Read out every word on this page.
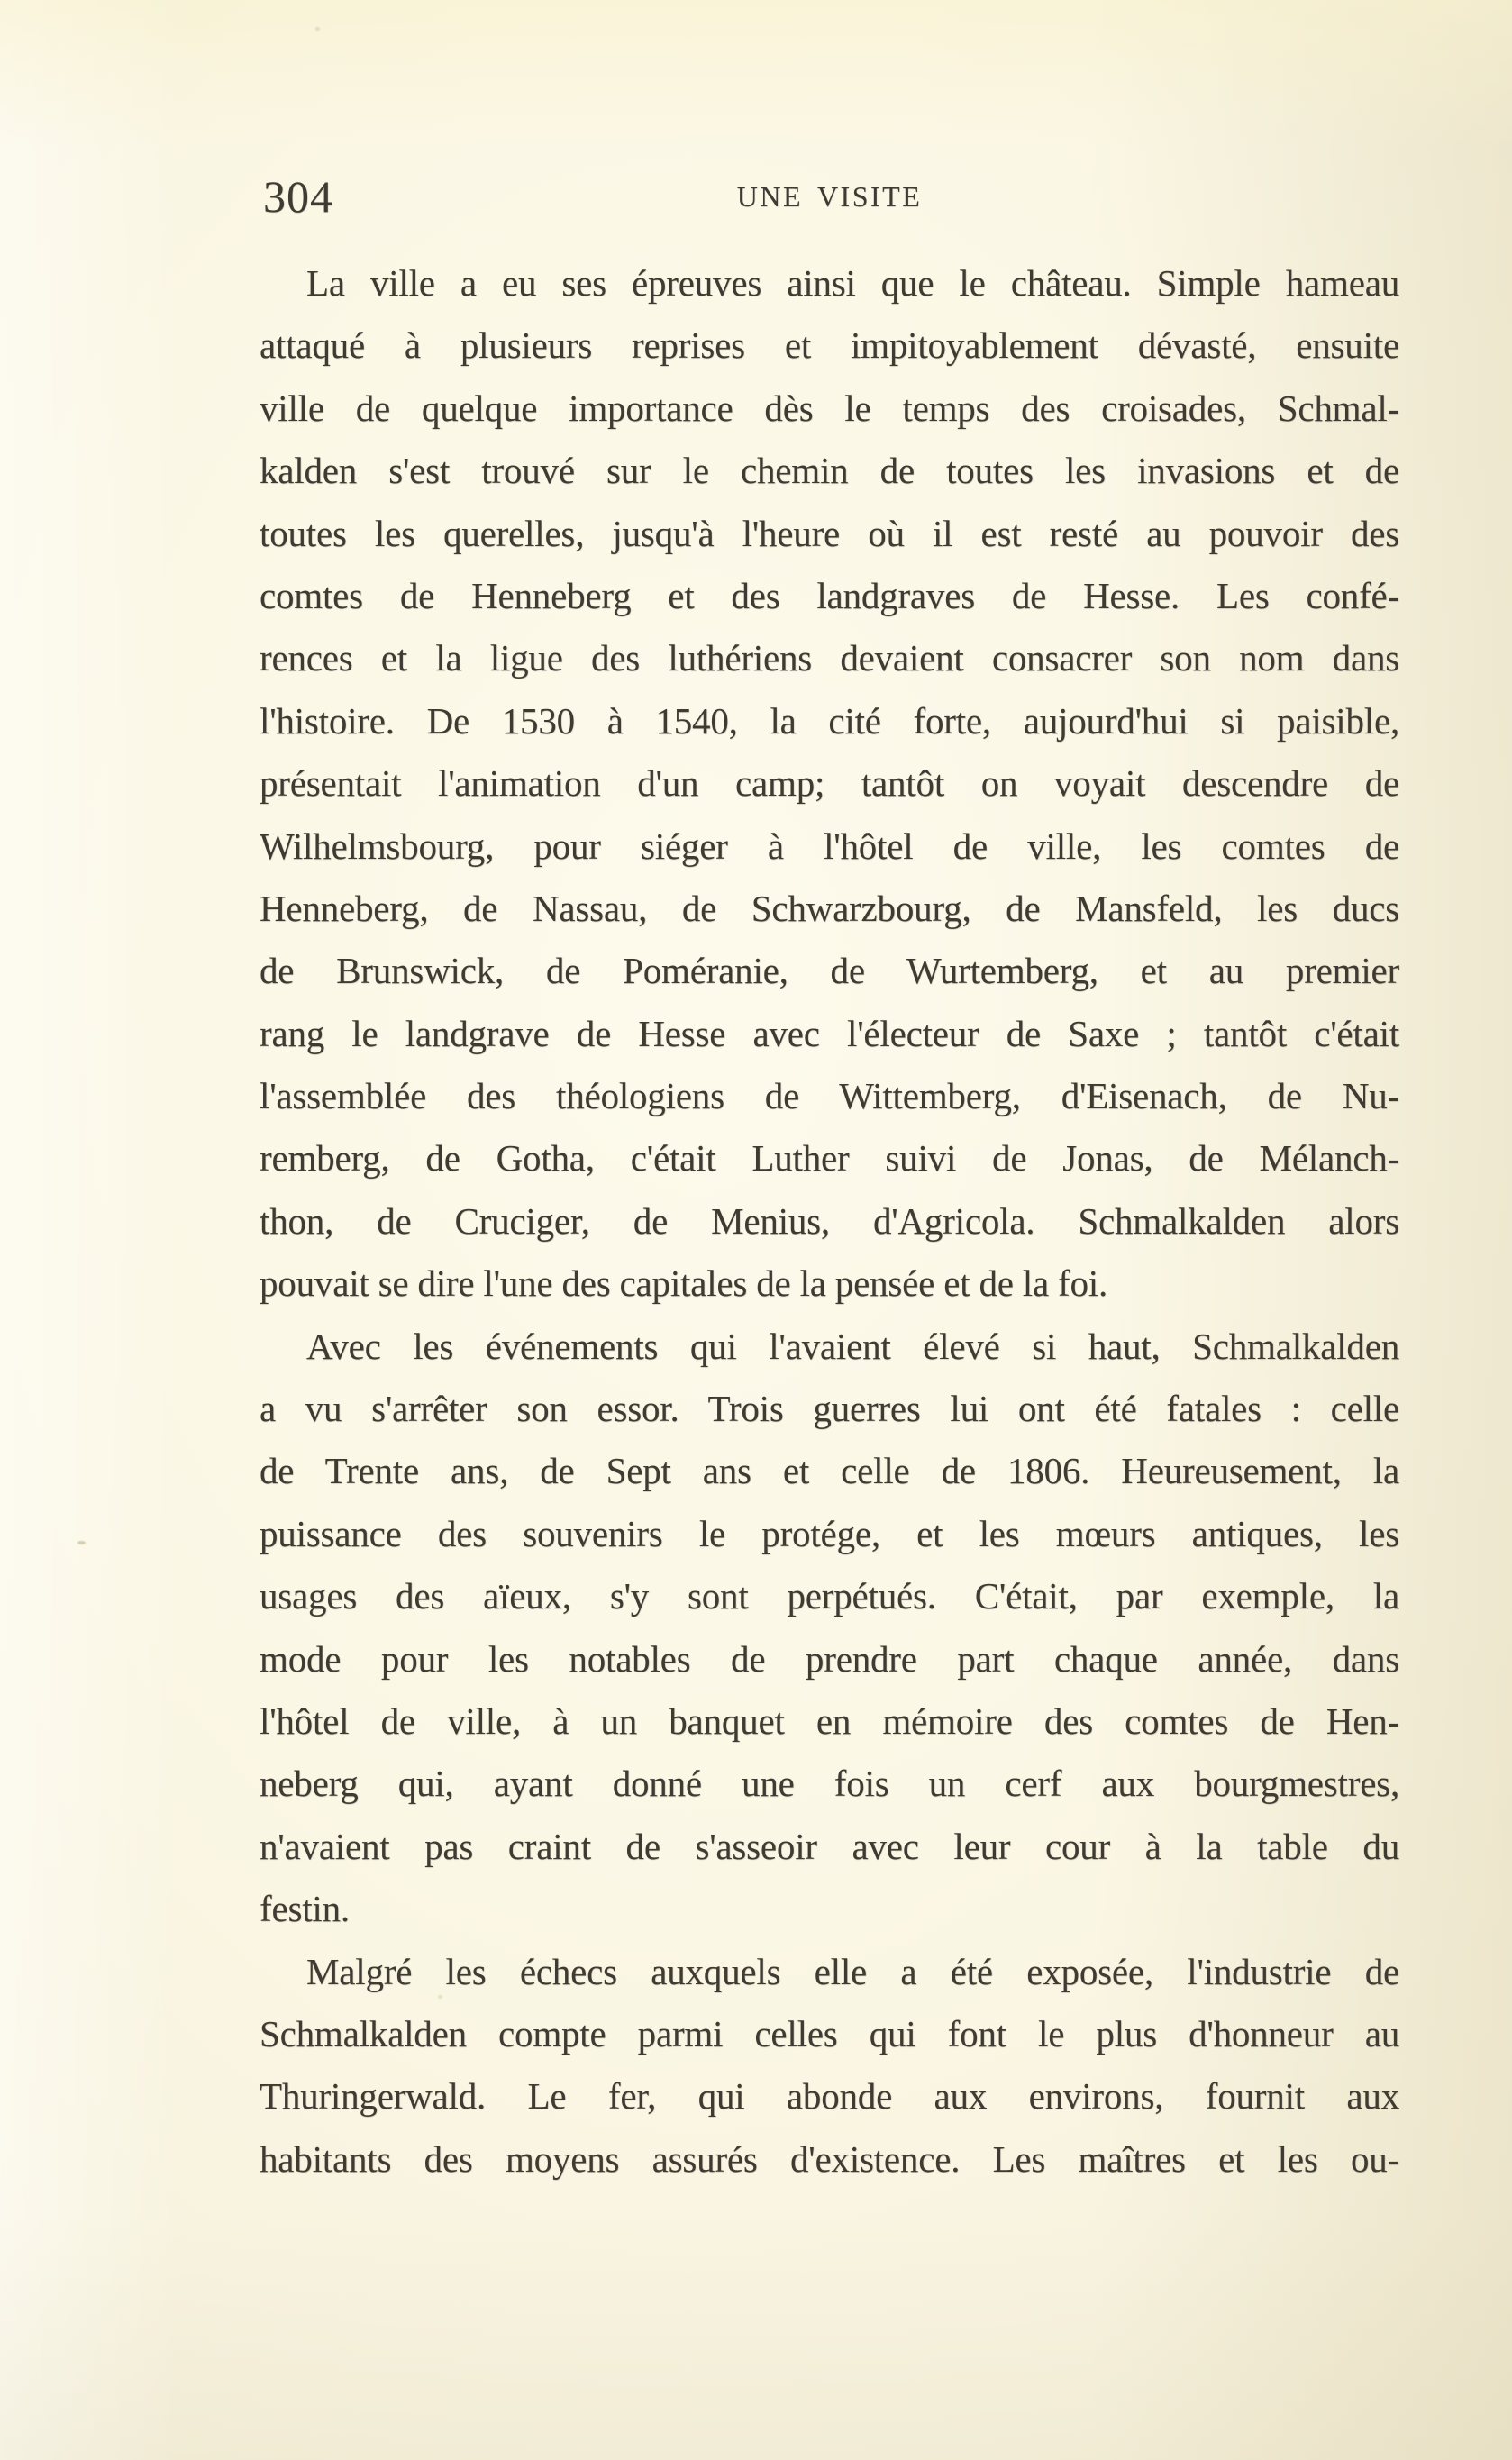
304	UNE VISITE
La ville a eu ses épreuves ainsi que le château. Simple hameau
attaqué à plusieurs reprises et impitoyablement dévasté, ensuite
ville de quelque importance dès le temps des croisades, Schmal-
kalden s'est trouvé sur le chemin de toutes les invasions et de
toutes les querelles, jusqu'à l'heure où il est resté au pouvoir des
comtes de Henneberg et des landgraves de Hesse. Les confé-
rences et la ligue des luthériens devaient consacrer son nom dans
l'histoire. De 1530 à 1540, la cité forte, aujourd'hui si paisible,
présentait l'animation d'un camp; tantôt on voyait descendre de
Wilhelmsbourg, pour siéger à l'hôtel de ville, les comtes de
Henneberg, de Nassau, de Schwarzbourg, de Mansfeld, les ducs
de Brunswick, de Poméranie, de Wurtemberg, et au premier
rang le landgrave de Hesse avec l'électeur de Saxe ; tantôt c'était
l'assemblée des théologiens de Wittemberg, d'Eisenach, de Nu-
remberg, de Gotha, c'était Luther suivi de Jonas, de Mélanch-
thon, de Cruciger, de Menius, d'Agricola. Schmalkalden alors
pouvait se dire l'une des capitales de la pensée et de la foi.
Avec les événements qui l'avaient élevé si haut, Schmalkalden
a vu s'arrêter son essor. Trois guerres lui ont été fatales : celle
de Trente ans, de Sept ans et celle de 1806. Heureusement, la
puissance des souvenirs le protége, et les mœurs antiques, les
usages des aïeux, s'y sont perpétués. C'était, par exemple, la
mode pour les notables de prendre part chaque année, dans
l'hôtel de ville, à un banquet en mémoire des comtes de Hen-
neberg qui, ayant donné une fois un cerf aux bourgmestres,
n'avaient pas craint de s'asseoir avec leur cour à la table du
festin.
Malgré les échecs auxquels elle a été exposée, l'industrie de
Schmalkalden compte parmi celles qui font le plus d'honneur au
Thuringerwald. Le fer, qui abonde aux environs, fournit aux
habitants des moyens assurés d'existence. Les maîtres et les ou-
